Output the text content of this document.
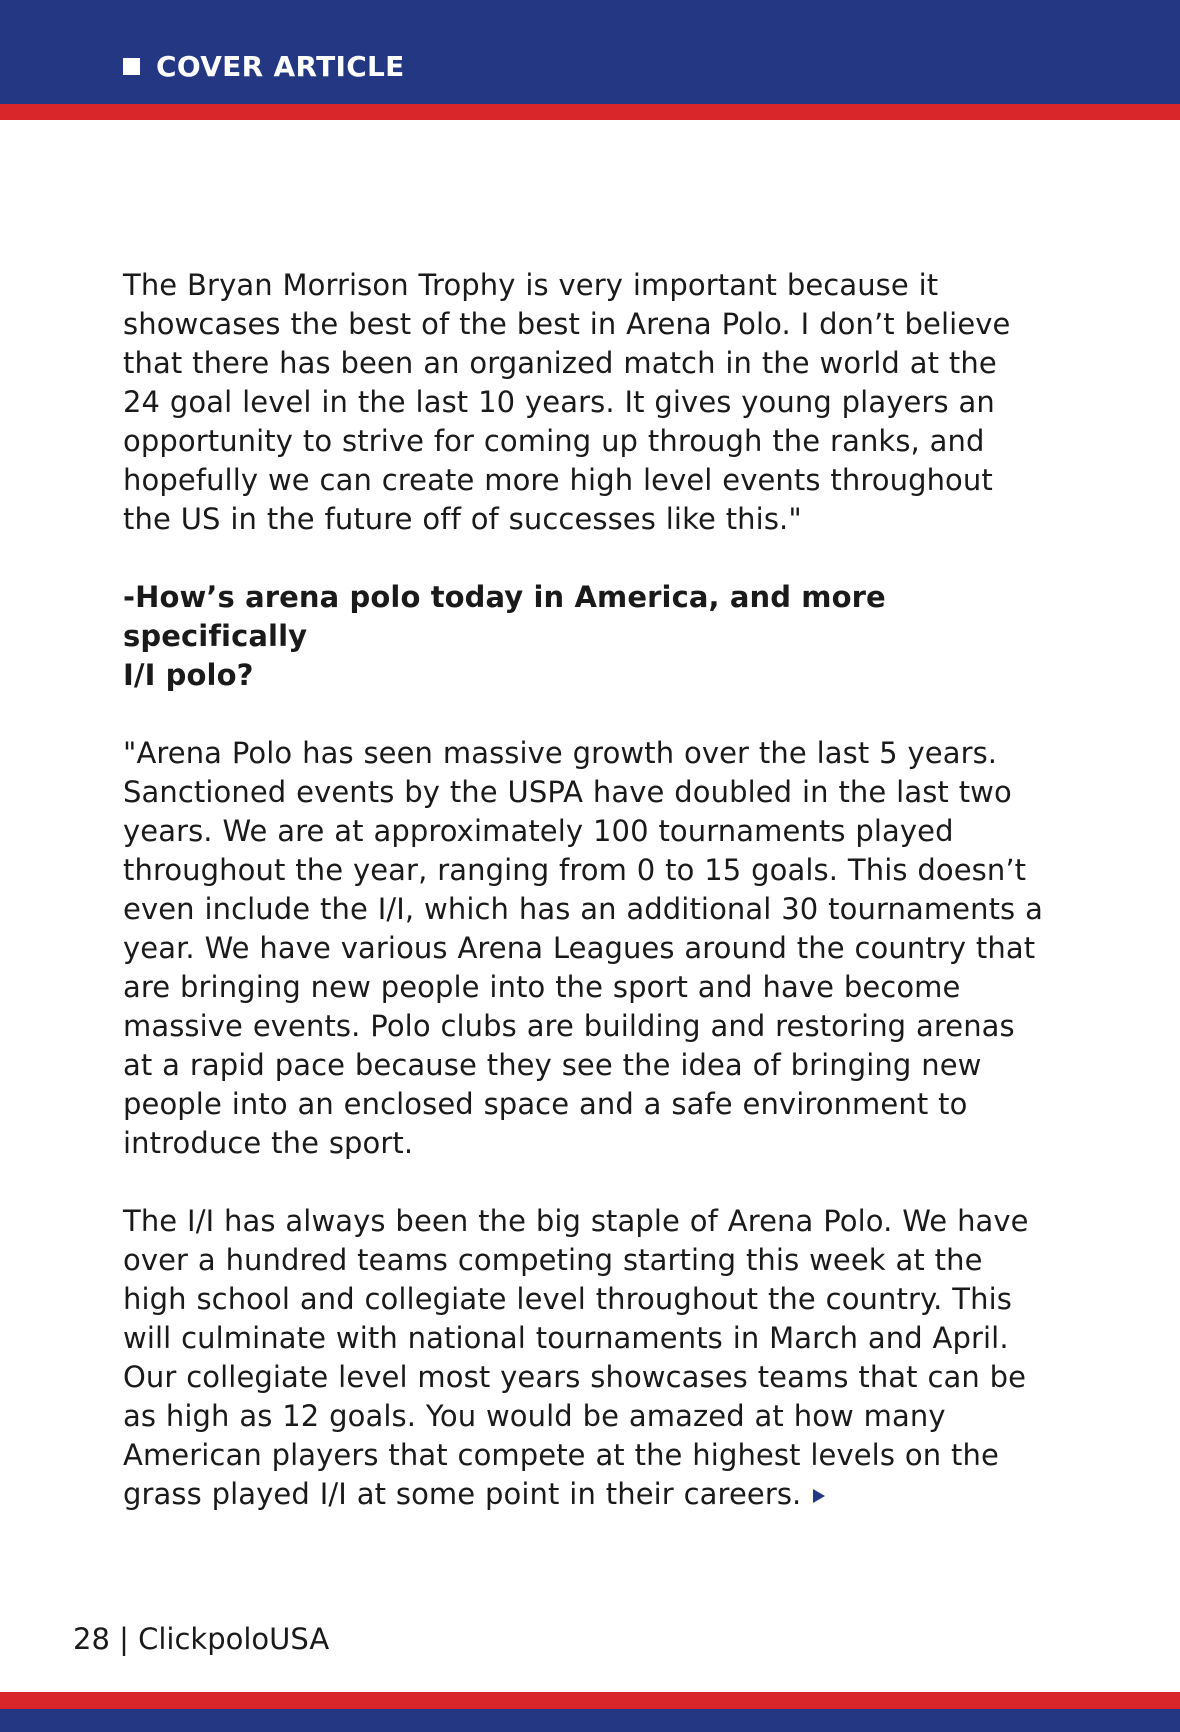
COVER ARTICLE

The Bryan Morrison Trophy is very important because it

showcases the best of the best in Arena Polo. I don’t believe

that there has been an organized match in the world at the

24 goal level in the last 10 years. It gives young players an

opportunity to strive for coming up through the ranks, and

hopefully we can create more high level events throughout

the US in the future off of successes like this."

-How’s arena polo today in America, and more specifically

I/I polo?

"Arena Polo has seen massive growth over the last 5 years.

Sanctioned events by the USPA have doubled in the last two

years. We are at approximately 100 tournaments played

throughout the year, ranging from 0 to 15 goals. This doesn’t

even include the I/I, which has an additional 30 tournaments a

year. We have various Arena Leagues around the country that

are bringing new people into the sport and have become

massive events. Polo clubs are building and restoring arenas

at a rapid pace because they see the idea of bringing new

people into an enclosed space and a safe environment to

introduce the sport.

The I/I has always been the big staple of Arena Polo. We have

over a hundred teams competing starting this week at the

high school and collegiate level throughout the country. This

will culminate with national tournaments in March and April.

Our collegiate level most years showcases teams that can be

as high as 12 goals. You would be amazed at how many

American players that compete at the highest levels on the

grass played I/I at some point in their careers.

28 | ClickpoloUSA
